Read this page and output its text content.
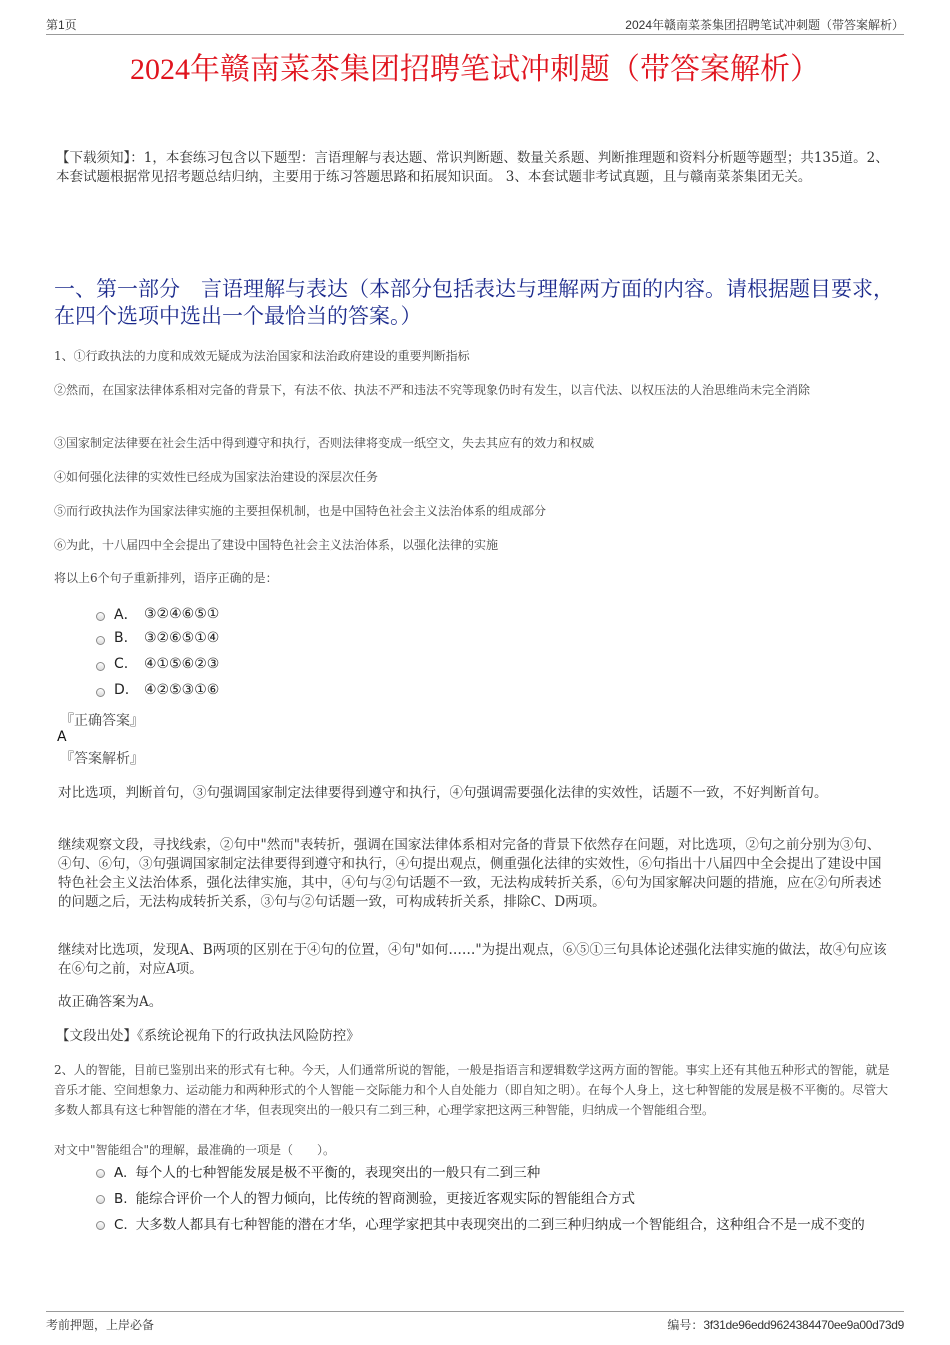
第1页	2024年赣南菜茶集团招聘笔试冲刺题（带答案解析）
2024年赣南菜茶集团招聘笔试冲刺题（带答案解析）
【下载须知】：1，本套练习包含以下题型：言语理解与表达题、常识判断题、数量关系题、判断推理题和资料分析题等题型；共135道。2、本套试题根据常见招考题总结归纳，主要用于练习答题思路和拓展知识面。 3、本套试题非考试真题，且与赣南菜茶集团无关。
一、第一部分　言语理解与表达（本部分包括表达与理解两方面的内容。请根据题目要求，在四个选项中选出一个最恰当的答案。）
1、①行政执法的力度和成效无疑成为法治国家和法治政府建设的重要判断指标
②然而，在国家法律体系相对完备的背景下，有法不依、执法不严和违法不究等现象仍时有发生，以言代法、以权压法的人治思维尚未完全消除
③国家制定法律要在社会生活中得到遵守和执行，否则法律将变成一纸空文，失去其应有的效力和权威
④如何强化法律的实效性已经成为国家法治建设的深层次任务
⑤而行政执法作为国家法律实施的主要担保机制，也是中国特色社会主义法治体系的组成部分
⑥为此，十八届四中全会提出了建设中国特色社会主义法治体系，以强化法律的实施
将以上6个句子重新排列，语序正确的是：
A． ③②④⑥⑤①
B.	③②⑥⑤①④
C.	④①⑤⑥②③
D.	④②⑤③①⑥
『正确答案』
A
『答案解析』
对比选项，判断首句，③句强调国家制定法律要得到遵守和执行，④句强调需要强化法律的实效性，话题不一致，不好判断首句。
继续观察文段，寻找线索，②句中"然而"表转折，强调在国家法律体系相对完备的背景下依然存在问题，对比选项，②句之前分别为③句、④句、⑥句，③句强调国家制定法律要得到遵守和执行，④句提出观点，侧重强化法律的实效性，⑥句指出十八届四中全会提出了建设中国特色社会主义法治体系，强化法律实施，其中，④句与②句话题不一致，无法构成转折关系，⑥句为国家解决问题的措施，应在②句所表述的问题之后，无法构成转折关系，③句与②句话题一致，可构成转折关系，排除C、D两项。
继续对比选项，发现A、B两项的区别在于④句的位置，④句"如何……"为提出观点，⑥⑤①三句具体论述强化法律实施的做法，故④句应该在⑥句之前，对应A项。
故正确答案为A。
【文段出处】《系统论视角下的行政执法风险防控》
2、人的智能，目前已鉴别出来的形式有七种。今天，人们通常所说的智能，一般是指语言和逻辑数学这两方面的智能。事实上还有其他五种形式的智能，就是音乐才能、空间想象力、运动能力和两种形式的个人智能－交际能力和个人自处能力（即自知之明）。在每个人身上，这七种智能的发展是极不平衡的。尽管大多数人都具有这七种智能的潜在才华，但表现突出的一般只有二到三种，心理学家把这两三种智能，归纳成一个智能组合型。
对文中"智能组合"的理解，最准确的一项是（　　）。
A. 每个人的七种智能发展是极不平衡的，表现突出的一般只有二到三种
B. 能综合评价一个人的智力倾向，比传统的智商测验，更接近客观实际的智能组合方式
C. 大多数人都具有七种智能的潜在才华，心理学家把其中表现突出的二到三种归纳成一个智能组合，这种组合不是一成不变的
考前押题，上岸必备	编号：3f31de96edd9624384470ee9a00d73d9
